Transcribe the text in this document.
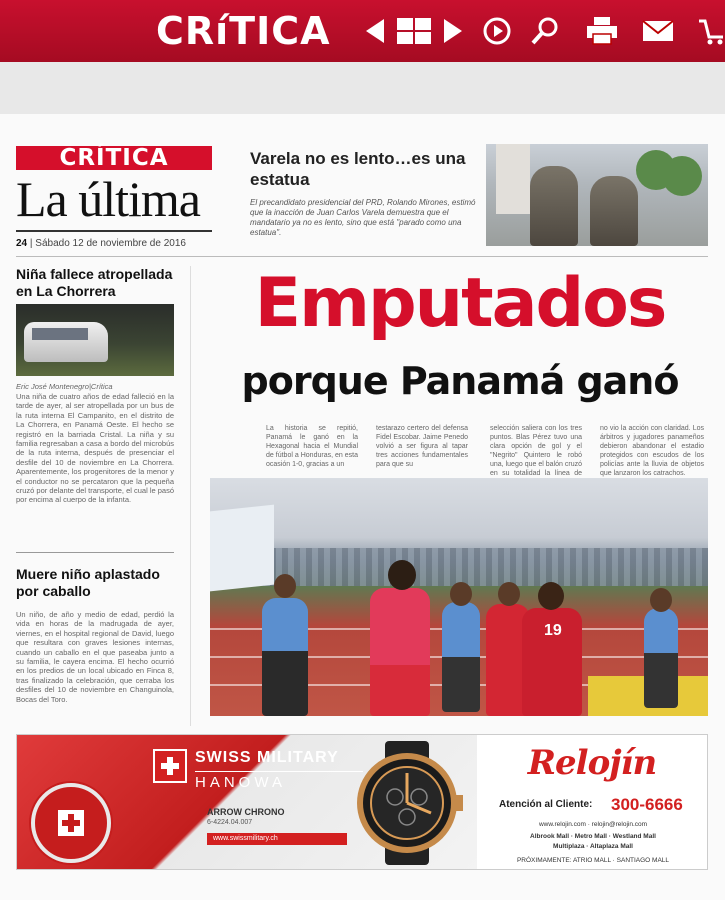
CRíTICA
CRÍTICA
La última
24 | Sábado 12 de noviembre de 2016
Varela no es lento…es una estatua
El precandidato presidencial del PRD, Rolando Mirones, estimó que la inacción de Juan Carlos Varela demuestra que el mandatario ya no es lento, sino que está "parado como una estatua".
Niña fallece atropellada en La Chorrera
Eric José Montenegro|Crítica
Una niña de cuatro años de edad falleció en la tarde de ayer, al ser atropellada por un bus de la ruta interna El Campanito, en el distrito de La Chorrera, en Panamá Oeste. El hecho se registró en la barriada Cristal. La niña y su familia regresaban a casa a bordo del microbús de la ruta interna, después de presenciar el desfile del 10 de noviembre en La Chorrera. Aparentemente, los progenitores de la menor y el conductor no se percataron que la pequeña cruzó por delante del transporte, el cual le pasó por encima al cuerpo de la infanta.
Muere niño aplastado por caballo
Un niño, de año y medio de edad, perdió la vida en horas de la madrugada de ayer, viernes, en el hospital regional de David, luego que resultara con graves lesiones internas, cuando un caballo en el que paseaba junto a su familia, le cayera encima. El hecho ocurrió en los predios de un local ubicado en Finca 8, tras finalizado la celebración, que cerraba los desfiles del 10 de noviembre en Changuinola, Bocas del Toro.
Emputados
porque Panamá ganó
La historia se repitió, Panamá le ganó en la Hexagonal hacia el Mundial de fútbol a Honduras, en esta ocasión 1-0, gracias a un
testarazo certero del defensa Fidel Escobar. Jaime Penedo volvió a ser figura al tapar tres acciones fundamentales para que su
selección saliera con los tres puntos. Blas Pérez tuvo una clara opción de gol y el "Negrito" Quintero le robó una, luego que el balón cruzó en su totalidad la línea de
no vio la acción con claridad. Los árbitros y jugadores panameños debieron abandonar el estadio protegidos con escudos de los policías ante la lluvia de objetos que lanzaron los catrachos.
19
SWISS MILITARY
HANOWA
ARROW CHRONO
6-4224.04.007
www.swissmilitary.ch
Relojín
Atención al Cliente: 300-6666
www.relojin.com · relojin@relojin.com
Albrook Mall · Metro Mall · Westland Mall
Multiplaza · Altaplaza Mall
PRÓXIMAMENTE: ATRIO MALL · SANTIAGO MALL
